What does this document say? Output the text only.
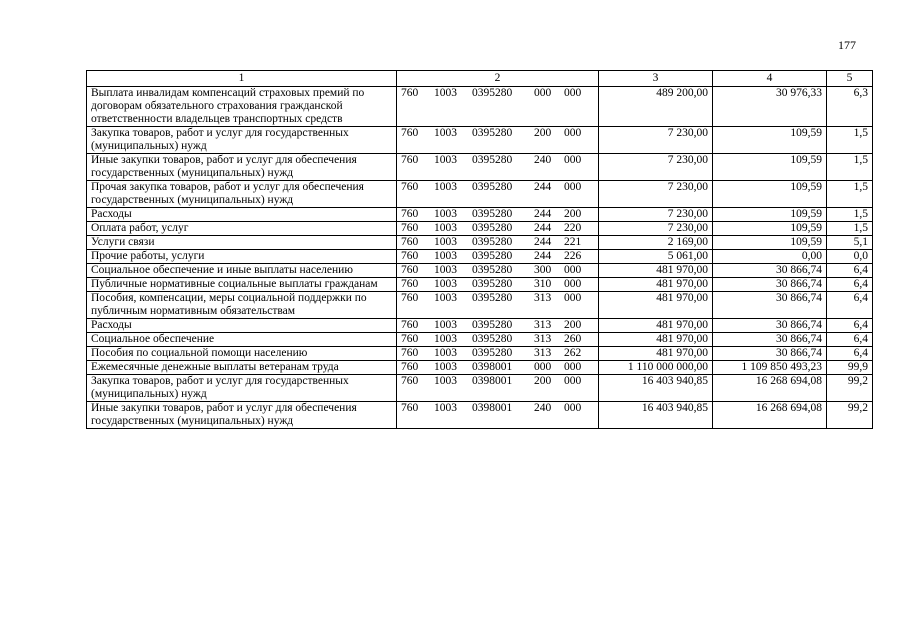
177
1	2	3	4	5
Выплата инвалидам компенсаций страховых премий по договорам обязательного страхования гражданской ответственности владельцев транспортных средств	760 1003 0395280 000 000	489 200,00	30 976,33	6,3
Закупка товаров, работ и услуг для государственных (муниципальных) нужд	760 1003 0395280 200 000	7 230,00	109,59	1,5
Иные закупки товаров, работ и услуг для обеспечения государственных (муниципальных) нужд	760 1003 0395280 240 000	7 230,00	109,59	1,5
Прочая закупка товаров, работ и услуг для обеспечения государственных (муниципальных) нужд	760 1003 0395280 244 000	7 230,00	109,59	1,5
Расходы	760 1003 0395280 244 200	7 230,00	109,59	1,5
Оплата работ, услуг	760 1003 0395280 244 220	7 230,00	109,59	1,5
Услуги связи	760 1003 0395280 244 221	2 169,00	109,59	5,1
Прочие работы, услуги	760 1003 0395280 244 226	5 061,00	0,00	0,0
Социальное обеспечение и иные выплаты населению	760 1003 0395280 300 000	481 970,00	30 866,74	6,4
Публичные нормативные социальные выплаты гражданам	760 1003 0395280 310 000	481 970,00	30 866,74	6,4
Пособия, компенсации, меры социальной поддержки по публичным нормативным обязательствам	760 1003 0395280 313 000	481 970,00	30 866,74	6,4
Расходы	760 1003 0395280 313 200	481 970,00	30 866,74	6,4
Социальное обеспечение	760 1003 0395280 313 260	481 970,00	30 866,74	6,4
Пособия по социальной помощи населению	760 1003 0395280 313 262	481 970,00	30 866,74	6,4
Ежемесячные денежные выплаты ветеранам труда	760 1003 0398001 000 000	1 110 000 000,00	1 109 850 493,23	99,9
Закупка товаров, работ и услуг для государственных (муниципальных) нужд	760 1003 0398001 200 000	16 403 940,85	16 268 694,08	99,2
Иные закупки товаров, работ и услуг для обеспечения государственных (муниципальных) нужд	760 1003 0398001 240 000	16 403 940,85	16 268 694,08	99,2
